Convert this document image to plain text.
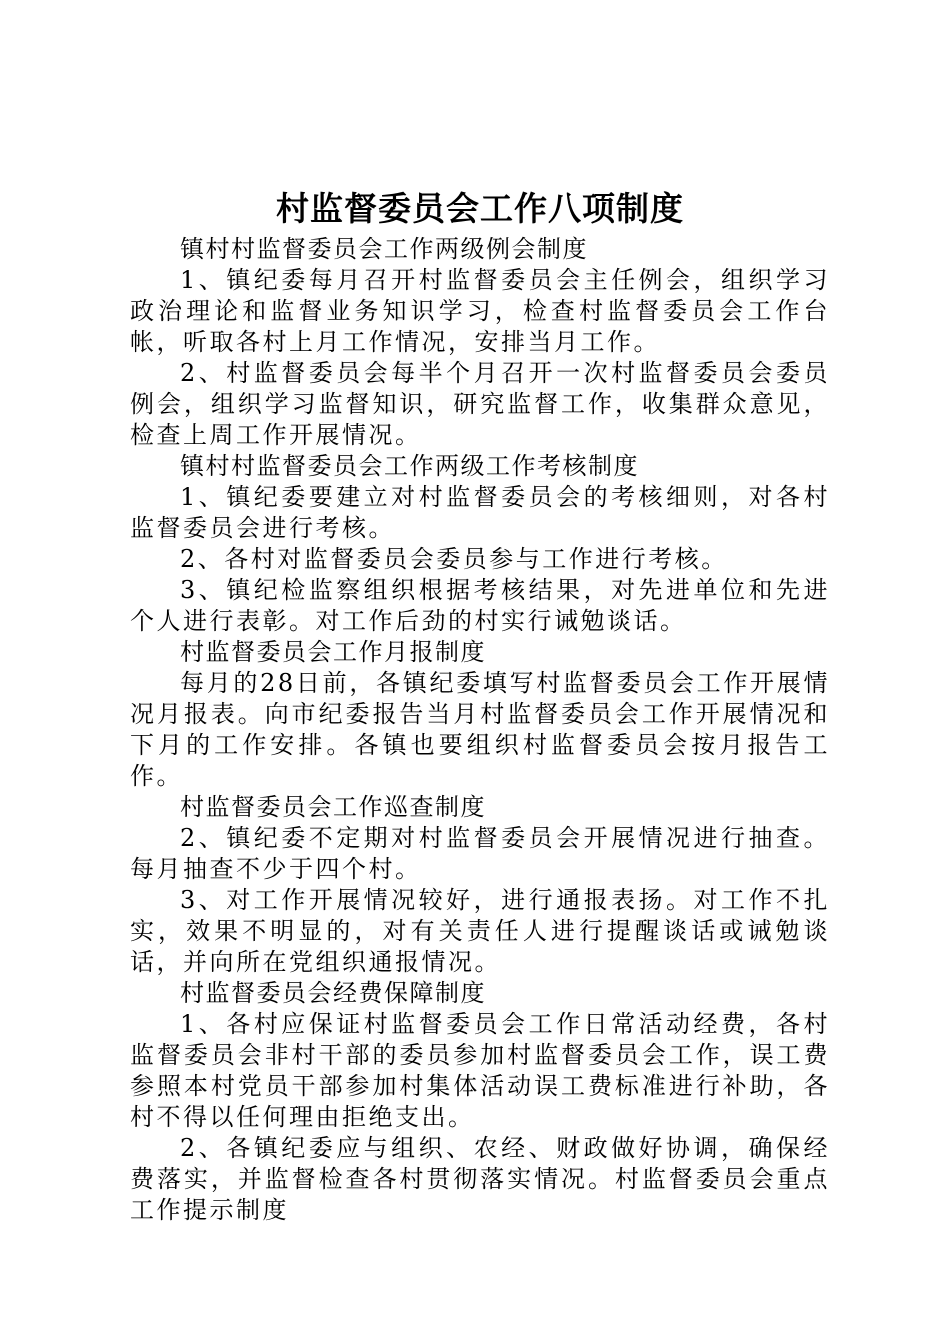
村监督委员会工作八项制度

镇村村监督委员会工作两级例会制度

1、镇纪委每月召开村监督委员会主任例会，组织学习政治理论和监督业务知识学习，检查村监督委员会工作台帐，听取各村上月工作情况，安排当月工作。

2、村监督委员会每半个月召开一次村监督委员会委员例会，组织学习监督知识，研究监督工作，收集群众意见，检查上周工作开展情况。

镇村村监督委员会工作两级工作考核制度

1、镇纪委要建立对村监督委员会的考核细则，对各村监督委员会进行考核。

2、各村对监督委员会委员参与工作进行考核。

3、镇纪检监察组织根据考核结果，对先进单位和先进个人进行表彰。对工作后劲的村实行诫勉谈话。

村监督委员会工作月报制度

每月的28日前，各镇纪委填写村监督委员会工作开展情况月报表。向市纪委报告当月村监督委员会工作开展情况和下月的工作安排。各镇也要组织村监督委员会按月报告工作。

村监督委员会工作巡查制度

2、镇纪委不定期对村监督委员会开展情况进行抽查。每月抽查不少于四个村。

3、对工作开展情况较好，进行通报表扬。对工作不扎实，效果不明显的，对有关责任人进行提醒谈话或诫勉谈话，并向所在党组织通报情况。

村监督委员会经费保障制度

1、各村应保证村监督委员会工作日常活动经费，各村监督委员会非村干部的委员参加村监督委员会工作，误工费参照本村党员干部参加村集体活动误工费标准进行补助，各村不得以任何理由拒绝支出。

2、各镇纪委应与组织、农经、财政做好协调，确保经费落实，并监督检查各村贯彻落实情况。村监督委员会重点工作提示制度
